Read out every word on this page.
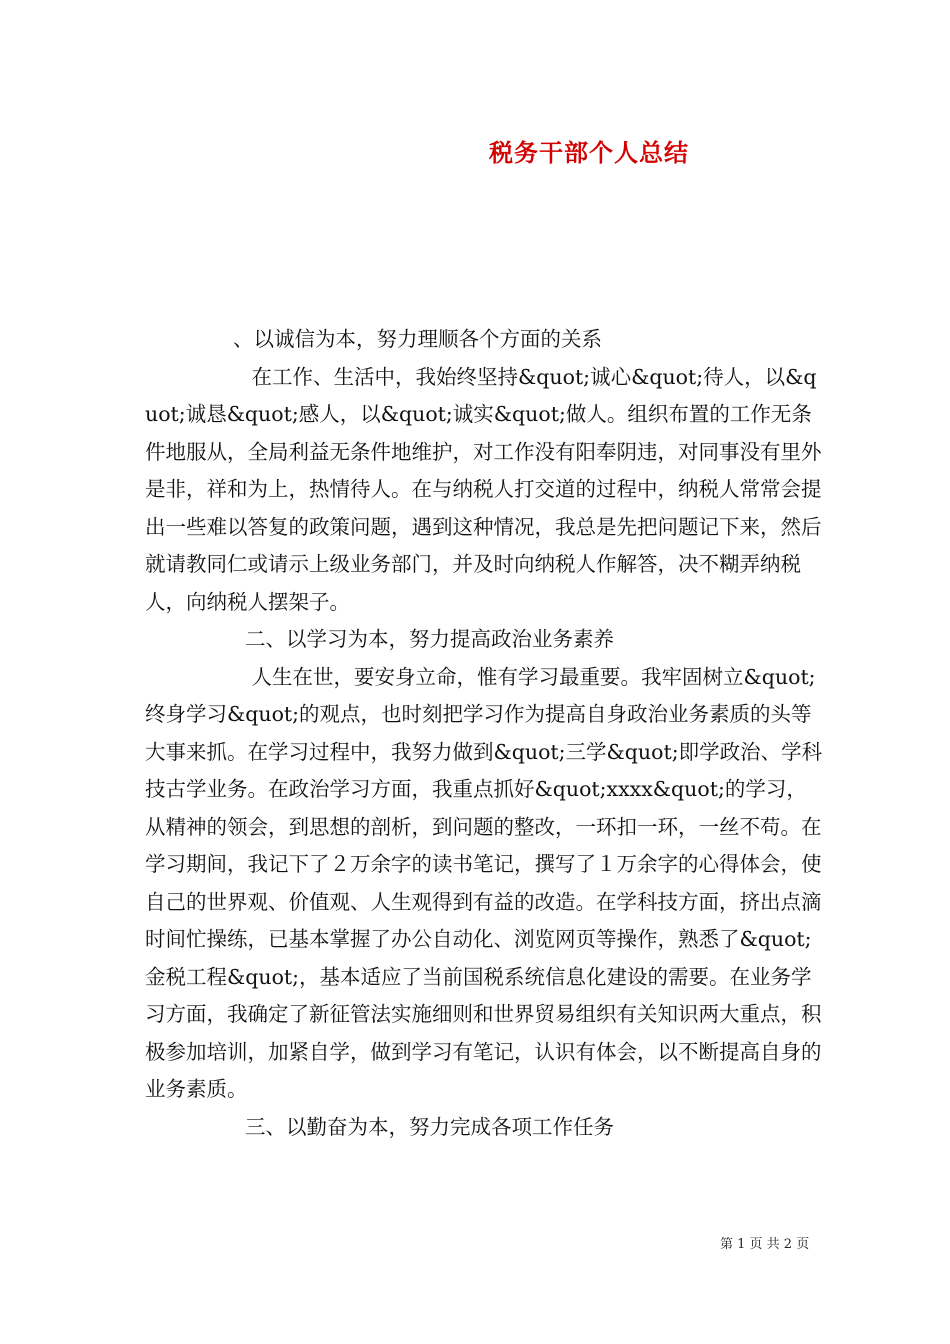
税务干部个人总结

、以诚信为本，努力理顺各个方面的关系

在工作、生活中，我始终坚持&quot;诚心&quot;待人，以&quot;诚恳&quot;感人，以&quot;诚实&quot;做人。组织布置的工作无条件地服从，全局利益无条件地维护，对工作没有阳奉阴违，对同事没有里外是非，祥和为上，热情待人。在与纳税人打交道的过程中，纳税人常常会提出一些难以答复的政策问题，遇到这种情况，我总是先把问题记下来，然后就请教同仁或请示上级业务部门，并及时向纳税人作解答，决不糊弄纳税人，向纳税人摆架子。

二、以学习为本，努力提高政治业务素养

人生在世，要安身立命，惟有学习最重要。我牢固树立&quot;终身学习&quot;的观点，也时刻把学习作为提高自身政治业务素质的头等大事来抓。在学习过程中，我努力做到&quot;三学&quot;即学政治、学科技古学业务。在政治学习方面，我重点抓好&quot;xxxx&quot;的学习，从精神的领会，到思想的剖析，到问题的整改，一环扣一环，一丝不苟。在学习期间，我记下了２万余字的读书笔记，撰写了１万余字的心得体会，使自己的世界观、价值观、人生观得到有益的改造。在学科技方面，挤出点滴时间忙操练，已基本掌握了办公自动化、浏览网页等操作，熟悉了&quot;金税工程&quot;，基本适应了当前国税系统信息化建设的需要。在业务学习方面，我确定了新征管法实施细则和世界贸易组织有关知识两大重点，积极参加培训，加紧自学，做到学习有笔记，认识有体会，以不断提高自身的业务素质。

三、以勤奋为本，努力完成各项工作任务

第 1 页 共 2 页
